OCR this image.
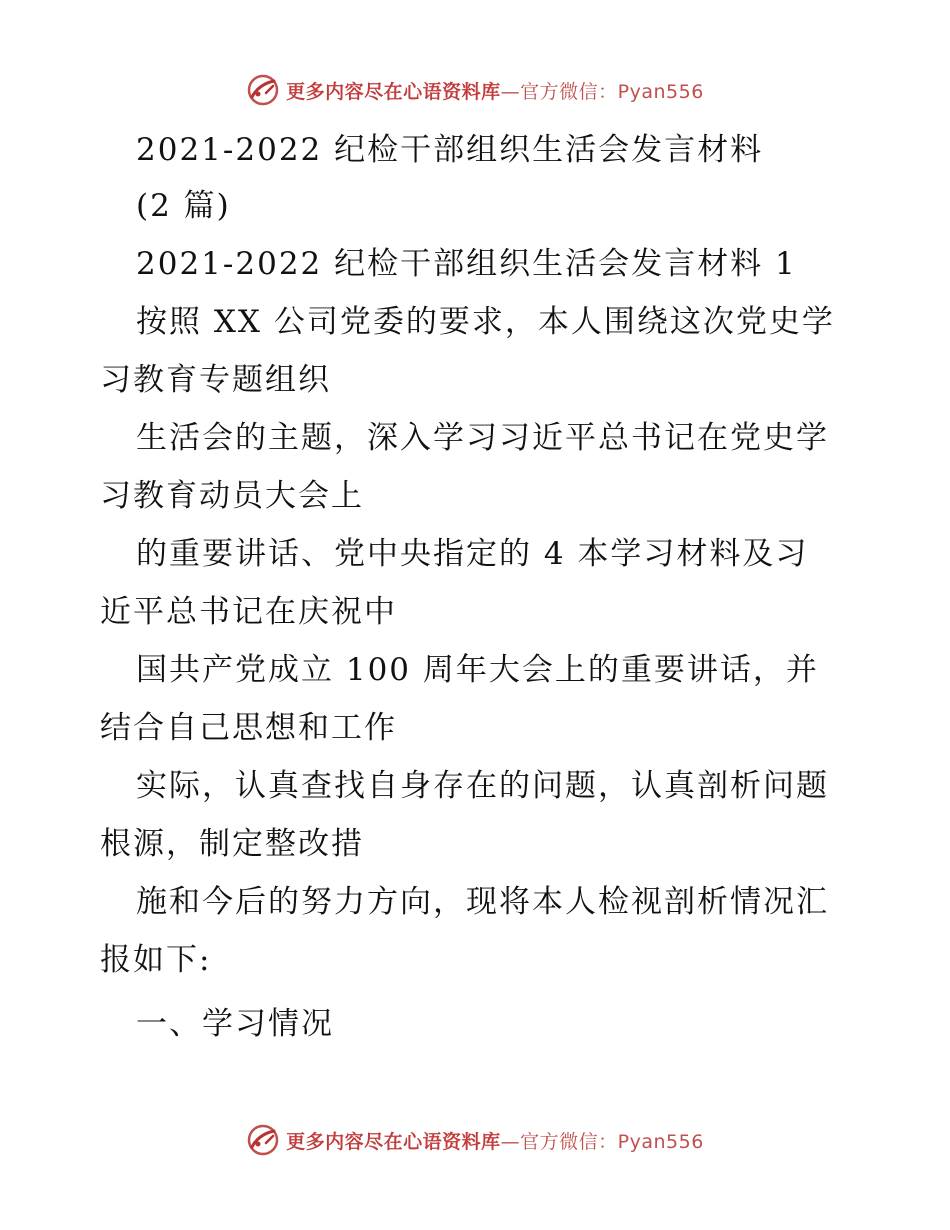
更多内容尽在心语资料库—官方微信：Pyan556
2021-2022 纪检干部组织生活会发言材料
(2 篇)
2021-2022 纪检干部组织生活会发言材料 1
按照 XX 公司党委的要求，本人围绕这次党史学
习教育专题组织
生活会的主题，深入学习习近平总书记在党史学
习教育动员大会上
的重要讲话、党中央指定的 4 本学习材料及习
近平总书记在庆祝中
国共产党成立 100 周年大会上的重要讲话，并
结合自己思想和工作
实际，认真查找自身存在的问题，认真剖析问题
根源，制定整改措
施和今后的努力方向，现将本人检视剖析情况汇
报如下:
一、学习情况
更多内容尽在心语资料库—官方微信：Pyan556
